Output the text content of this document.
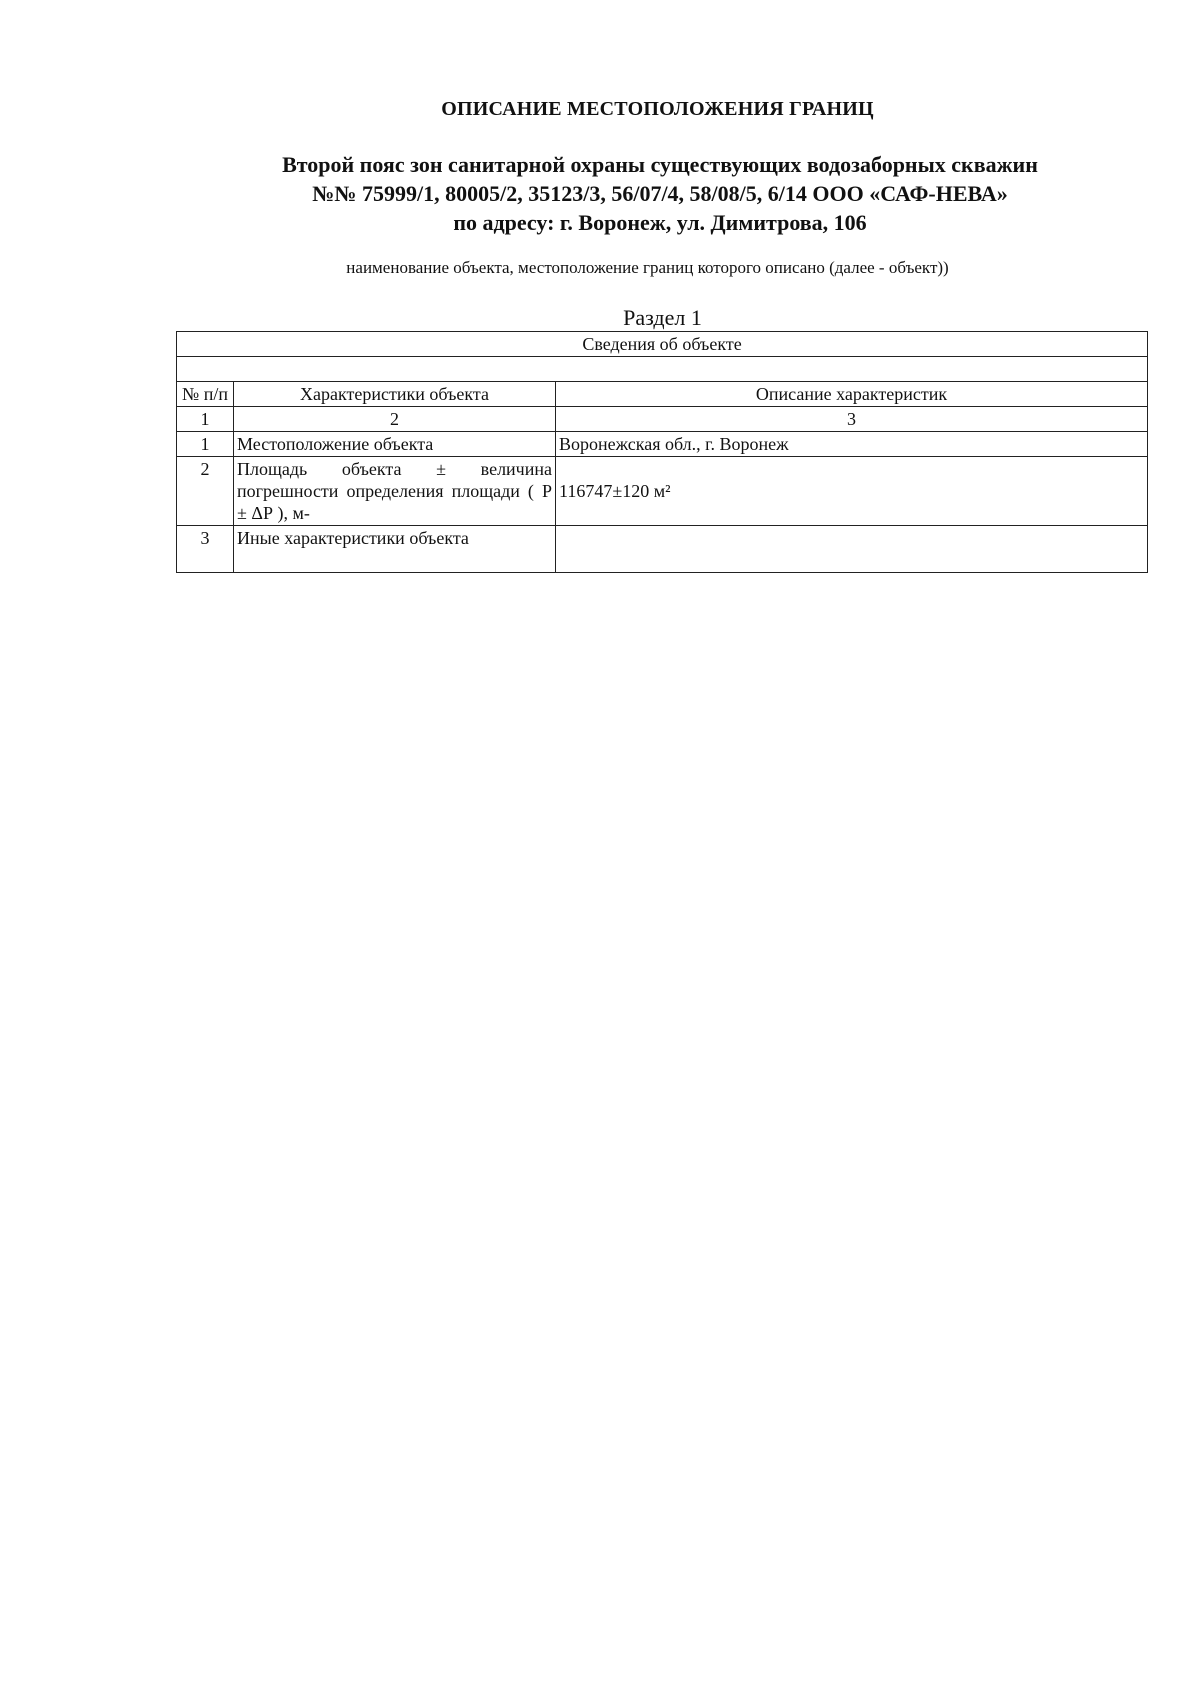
ОПИСАНИЕ МЕСТОПОЛОЖЕНИЯ ГРАНИЦ
Второй пояс зон санитарной охраны существующих водозаборных скважин
№№ 75999/1, 80005/2, 35123/3, 56/07/4, 58/08/5, 6/14 ООО «САФ-НЕВА»
по адресу: г. Воронеж, ул. Димитрова, 106
наименование объекта, местоположение границ которого описано (далее - объект))
Раздел 1
Сведения об объекте		

№ п/п	Характеристики объекта	Описание характеристик
1	2	3
1	Местоположение объекта	Воронежская обл., г. Воронеж
2	Площадь объекта ± величина погрешности определения площади ( Р ± ΔР ), м-	116747±120 м²
3	Иные характеристики объекта	
